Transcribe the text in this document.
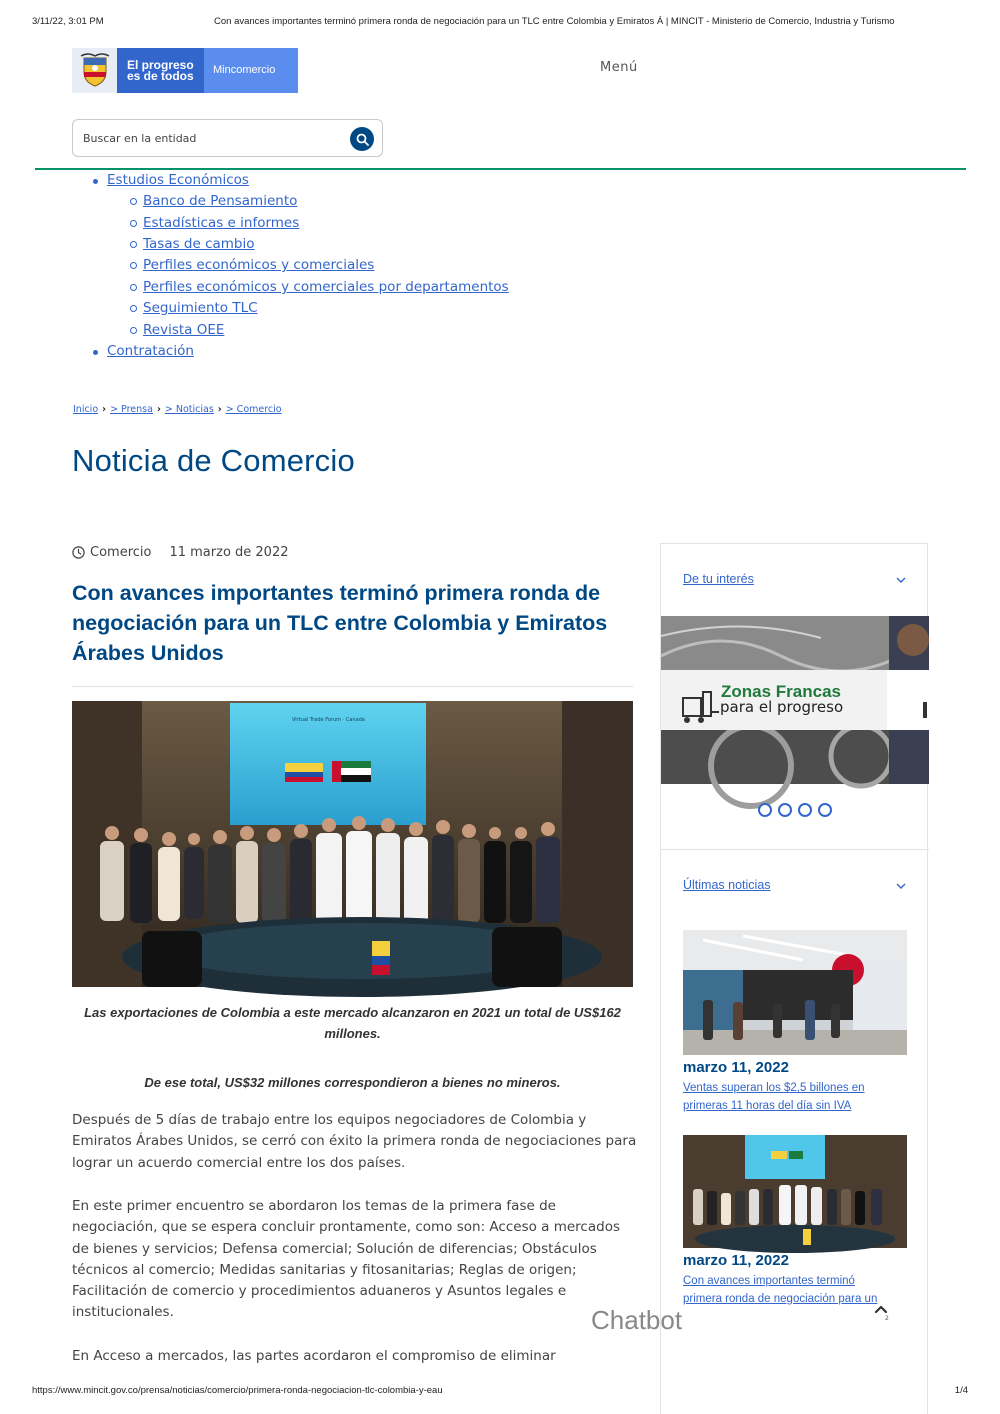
3/11/22, 3:01 PM	Con avances importantes terminó primera ronda de negociación para un TLC entre Colombia y Emiratos Á | MINCIT - Ministerio de Comercio, Industria y Turismo
El progreso
es de todos	Mincomercio	Menú
Buscar en la entidad
Estudios Económicos
Banco de Pensamiento
Estadísticas e informes
Tasas de cambio
Perfiles económicos y comerciales
Perfiles económicos y comerciales por departamentos
Seguimiento TLC
Revista OEE
Contratación
Inicio › > Prensa › > Noticias › > Comercio
Noticia de Comercio
Comercio 11 marzo de 2022
Con avances importantes terminó primera ronda de negociación para un TLC entre Colombia y Emiratos Árabes Unidos
Virtual Trade Forum · Canada

Las exportaciones de Colombia a este mercado alcanzaron en 2021 un total de US$162 millones.

De ese total, US$32 millones correspondieron a bienes no mineros.

Después de 5 días de trabajo entre los equipos negociadores de Colombia y Emiratos Árabes Unidos, se cerró con éxito la primera ronda de negociaciones para lograr un acuerdo comercial entre los dos países.

En este primer encuentro se abordaron los temas de la primera fase de negociación, que se espera concluir prontamente, como son: Acceso a mercados de bienes y servicios; Defensa comercial; Solución de diferencias; Obstáculos técnicos al comercio; Medidas sanitarias y fitosanitarias; Reglas de origen; Facilitación de comercio y procedimientos aduaneros y Asuntos legales e institucionales.

En Acceso a mercados, las partes acordaron el compromiso de eliminar

Chatbot	2
De tu interés
Zonas Francas
para el progreso
Últimas noticias
marzo 11, 2022
Ventas superan los $2,5 billones en primeras 11 horas del día sin IVA
marzo 11, 2022
Con avances importantes terminó primera ronda de negociación para un
https://www.mincit.gov.co/prensa/noticias/comercio/primera-ronda-negociacion-tlc-colombia-y-eau	1/4
